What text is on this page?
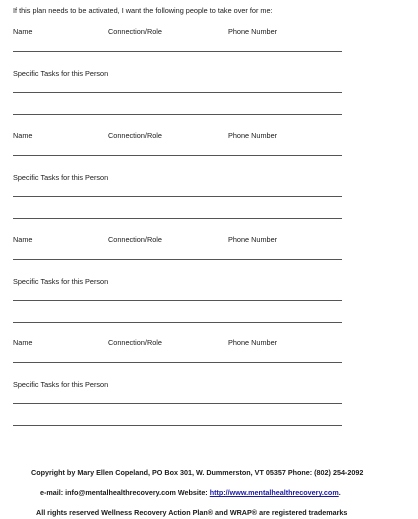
If this plan needs to be activated, I want the following people to take over for me:
Name	Connection/Role	Phone Number
Specific Tasks for this Person
Name	Connection/Role	Phone Number
Specific Tasks for this Person
Name	Connection/Role	Phone Number
Specific Tasks for this Person
Name	Connection/Role	Phone Number
Specific Tasks for this Person
Copyright by Mary Ellen Copeland, PO Box 301, W. Dummerston, VT 05357 Phone: (802) 254-2092
e-mail: info@mentalhealthrecovery.com Website: http://www.mentalhealthrecovery.com.
All rights reserved Wellness Recovery Action Plan® and WRAP® are registered trademarks
